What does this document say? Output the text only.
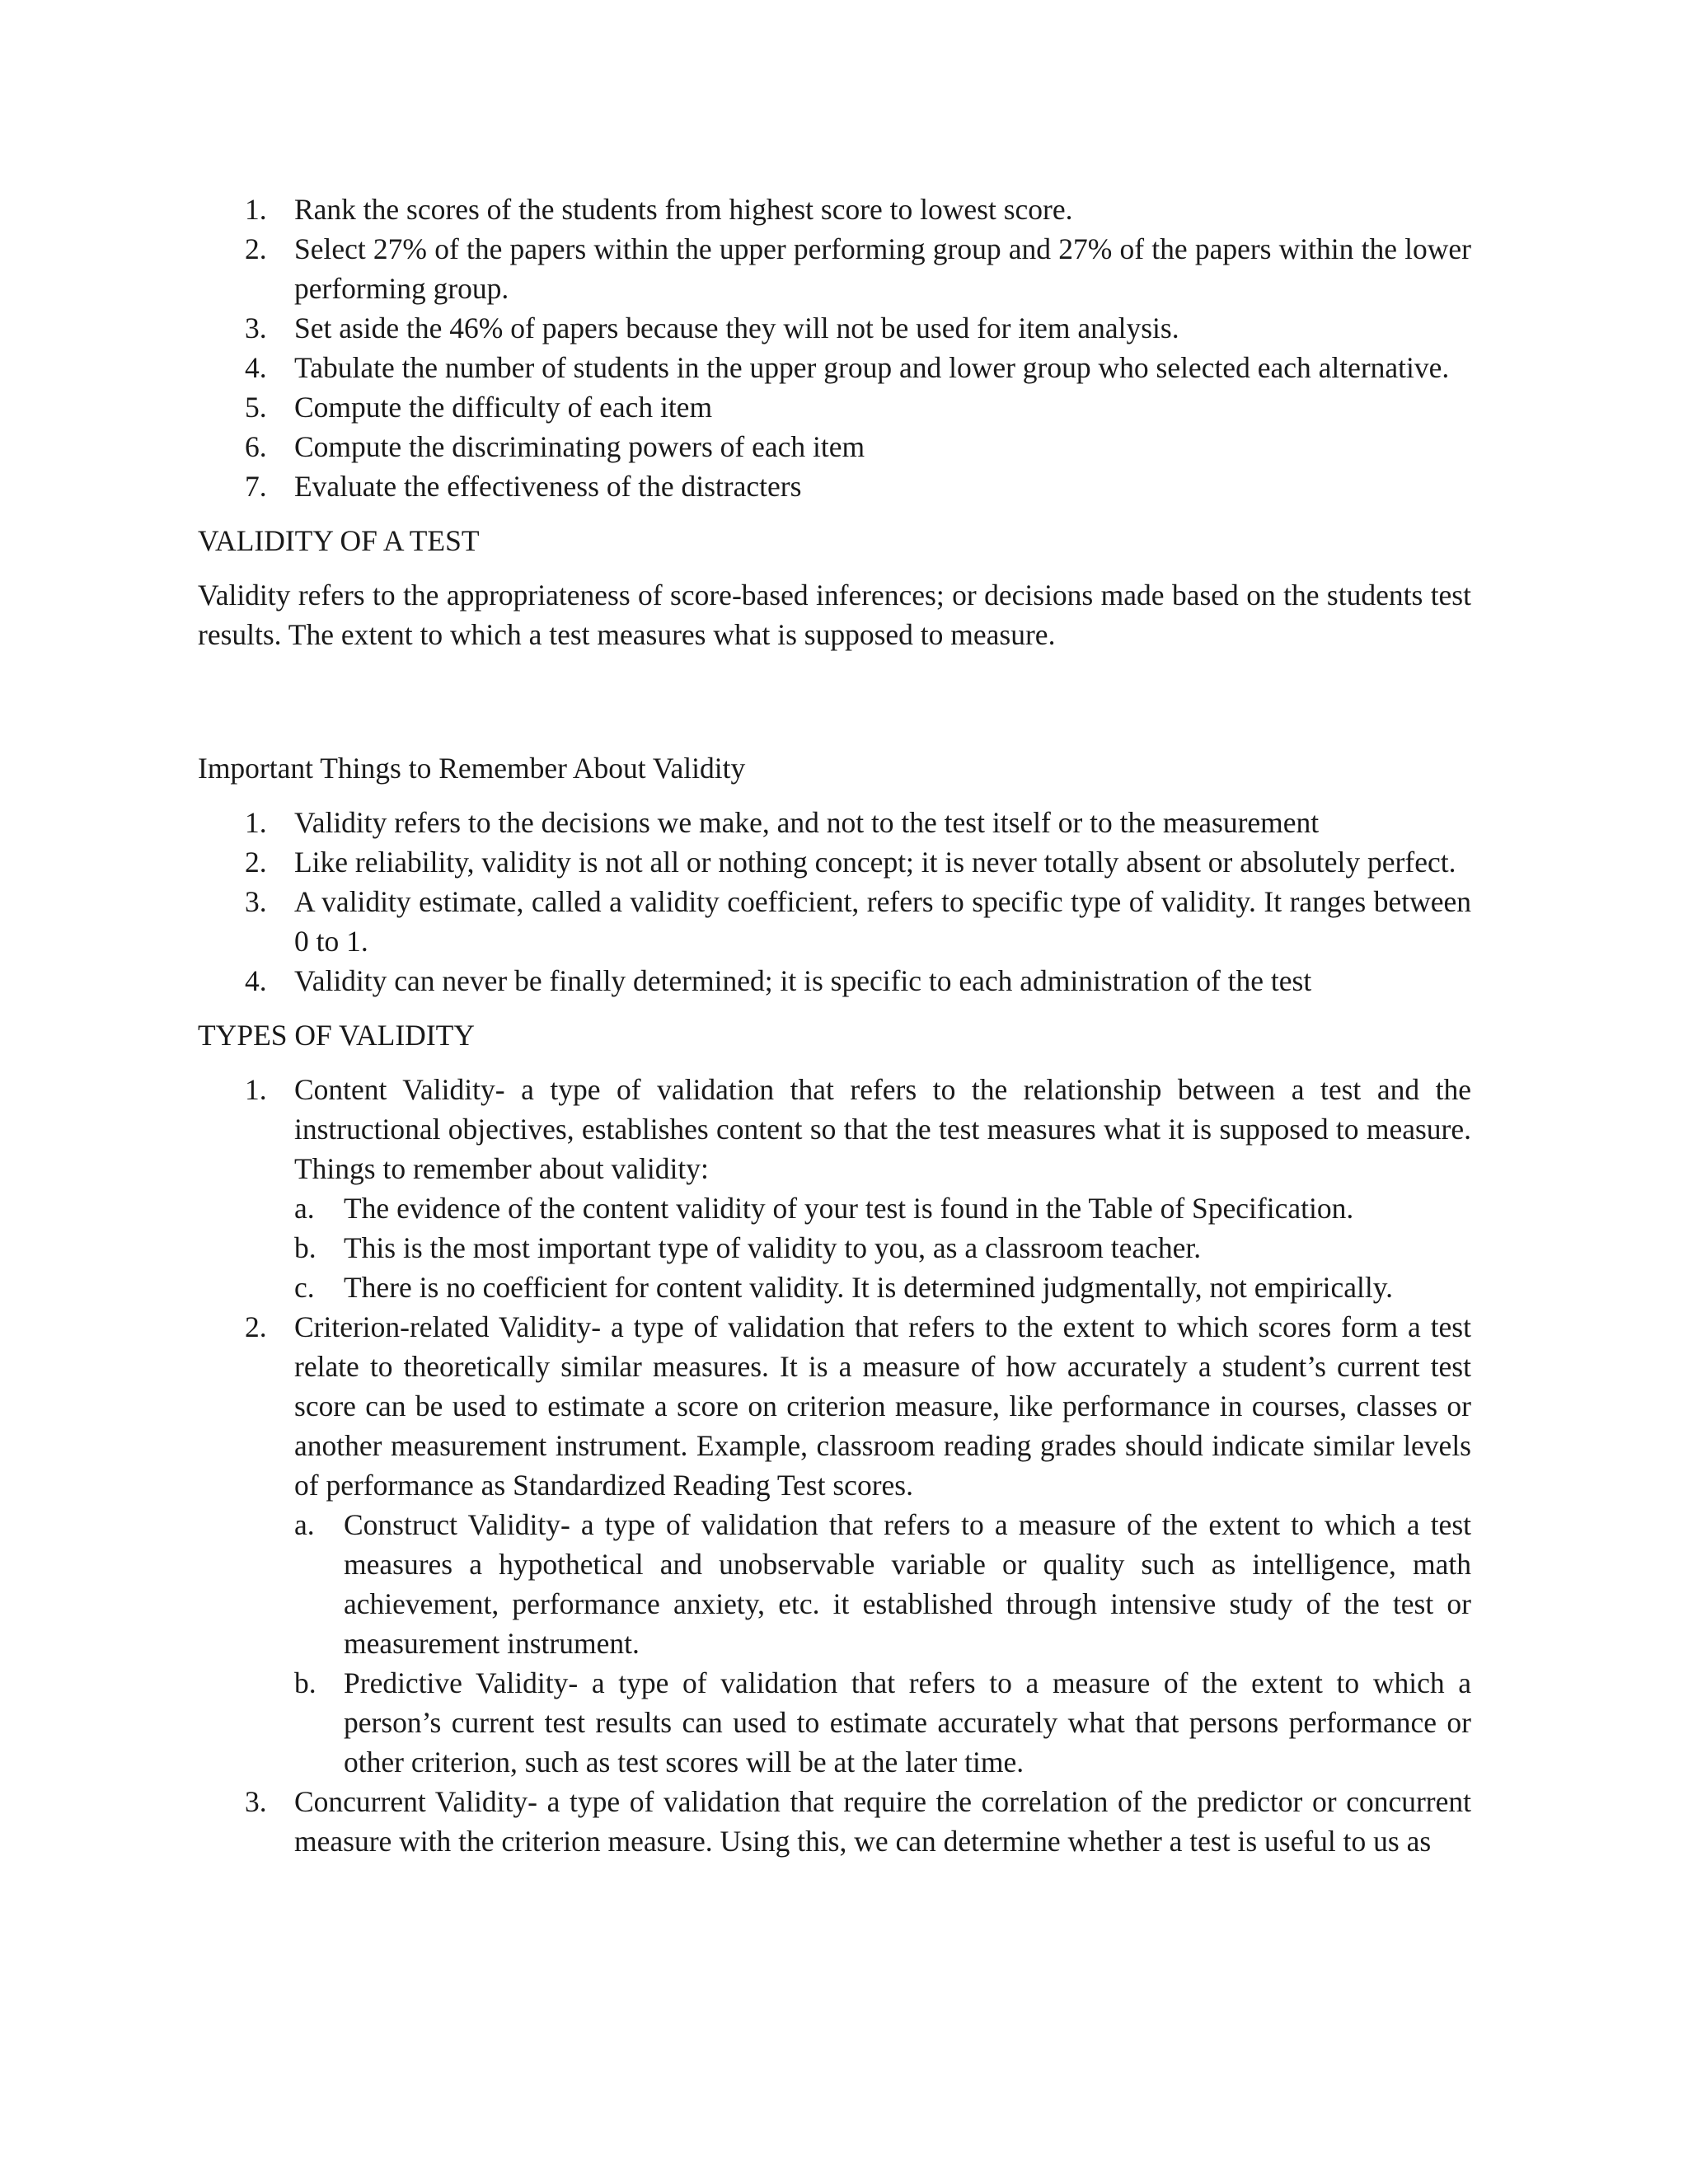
1. Rank the scores of the students from highest score to lowest score.
2. Select 27% of the papers within the upper performing group and 27% of the papers within the lower performing group.
3. Set aside the 46% of papers because they will not be used for item analysis.
4. Tabulate the number of students in the upper group and lower group who selected each alternative.
5. Compute the difficulty of each item
6. Compute the discriminating powers of each item
7. Evaluate the effectiveness of the distracters

VALIDITY OF A TEST

Validity refers to the appropriateness of score-based inferences; or decisions made based on the students test results. The extent to which a test measures what is supposed to measure.

Important Things to Remember About Validity

1. Validity refers to the decisions we make, and not to the test itself or to the measurement
2. Like reliability, validity is not all or nothing concept; it is never totally absent or absolutely perfect.
3. A validity estimate, called a validity coefficient, refers to specific type of validity. It ranges between 0 to 1.
4. Validity can never be finally determined; it is specific to each administration of the test

TYPES OF VALIDITY

1. Content Validity- a type of validation that refers to the relationship between a test and the instructional objectives, establishes content so that the test measures what it is supposed to measure. Things to remember about validity:
a. The evidence of the content validity of your test is found in the Table of Specification.
b. This is the most important type of validity to you, as a classroom teacher.
c. There is no coefficient for content validity. It is determined judgmentally, not empirically.
2. Criterion-related Validity- a type of validation that refers to the extent to which scores form a test relate to theoretically similar measures. It is a measure of how accurately a student’s current test score can be used to estimate a score on criterion measure, like performance in courses, classes or another measurement instrument. Example, classroom reading grades should indicate similar levels of performance as Standardized Reading Test scores.
a. Construct Validity- a type of validation that refers to a measure of the extent to which a test measures a hypothetical and unobservable variable or quality such as intelligence, math achievement, performance anxiety, etc. it established through intensive study of the test or measurement instrument.
b. Predictive Validity- a type of validation that refers to a measure of the extent to which a person’s current test results can used to estimate accurately what that persons performance or other criterion, such as test scores will be at the later time.
3. Concurrent Validity- a type of validation that require the correlation of the predictor or concurrent measure with the criterion measure. Using this, we can determine whether a test is useful to us as
